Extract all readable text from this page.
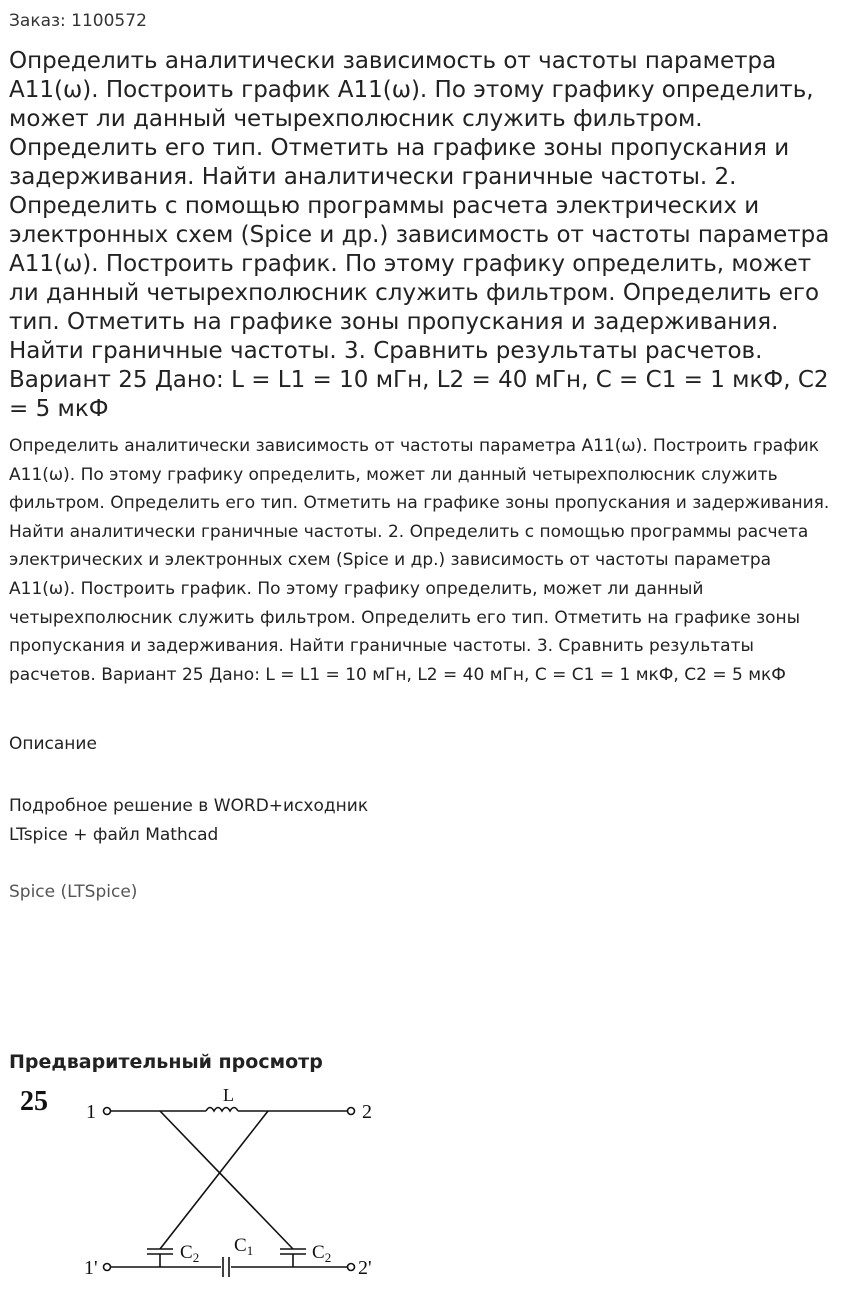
Заказ: 1100572
Определить аналитически зависимость от частоты параметра А11(ω). Построить график А11(ω). По этому графику определить, может ли данный четырехполюсник служить фильтром. Определить его тип. Отметить на графике зоны пропускания и задерживания. Найти аналитически граничные частоты. 2. Определить с помощью программы расчета электрических и электронных схем (Spice и др.) зависимость от частоты параметра А11(ω). Построить график. По этому графику определить, может ли данный четырехполюсник служить фильтром. Определить его тип. Отметить на графике зоны пропускания и задерживания. Найти граничные частоты. 3. Сравнить результаты расчетов. Вариант 25 Дано: L = L1 = 10 мГн, L2 = 40 мГн, C = C1 = 1 мкФ, C2 = 5 мкФ

Определить аналитически зависимость от частоты параметра А11(ω). Построить график А11(ω). По этому графику определить, может ли данный четырехполюсник служить фильтром. Определить его тип. Отметить на графике зоны пропускания и задерживания. Найти аналитически граничные частоты. 2. Определить с помощью программы расчета электрических и электронных схем (Spice и др.) зависимость от частоты параметра А11(ω). Построить график. По этому графику определить, может ли данный четырехполюсник служить фильтром. Определить его тип. Отметить на графике зоны пропускания и задерживания. Найти граничные частоты. 3. Сравнить результаты расчетов. Вариант 25 Дано: L = L1 = 10 мГн, L2 = 40 мГн, C = C1 = 1 мкФ, C2 = 5 мкФ

Описание
Подробное решение в WORD+исходник
LTspice + файл Mathcad
Spice (LTSpice)
Предварительный просмотр
25 1	2
1'	2'
L
$C_2$
$C_1$	$C_2$
